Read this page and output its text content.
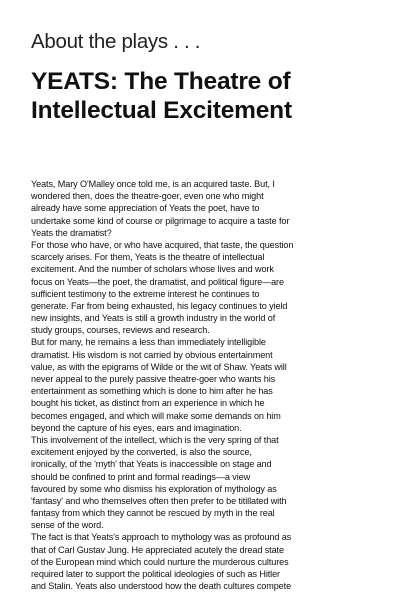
About the plays . . .
YEATS: The Theatre of
Intellectual Excitement
Yeats, Mary O'Malley once told me, is an acquired taste. But, I
wondered then, does the theatre-goer, even one who might
already have some appreciation of Yeats the poet, have to
undertake some kind of course or pilgrimage to acquire a taste for
Yeats the dramatist?
For those who have, or who have acquired, that taste, the question
scarcely arises. For them, Yeats is the theatre of intellectual
excitement. And the number of scholars whose lives and work
focus on Yeats—the poet, the dramatist, and political figure—are
sufficient testimony to the extreme interest he continues to
generate. Far from being exhausted, his legacy continues to yield
new insights, and Yeats is still a growth industry in the world of
study groups, courses, reviews and research.
But for many, he remains a less than immediately intelligible
dramatist. His wisdom is not carried by obvious entertainment
value, as with the epigrams of Wilde or the wit of Shaw. Yeats will
never appeal to the purely passive theatre-goer who wants his
entertainment as something which is done to him after he has
bought his ticket, as distinct from an experience in which he
becomes engaged, and which will make some demands on him
beyond the capture of his eyes, ears and imagination.
This involvement of the intellect, which is the very spring of that
excitement enjoyed by the converted, is also the source,
ironically, of the 'myth' that Yeats is inaccessible on stage and
should be confined to print and formal readings—a view
favoured by some who dismiss his exploration of mythology as
'fantasy' and who themselves often then prefer to be titillated with
fantasy from which they cannot be rescued by myth in the real
sense of the word.
The fact is that Yeats's approach to mythology was as profound as
that of Carl Gustav Jung. He appreciated acutely the dread state
of the European mind which could nurture the murderous cultures
required later to support the political ideologies of such as Hitler
and Stalin. Yeats also understood how the death cultures compete
